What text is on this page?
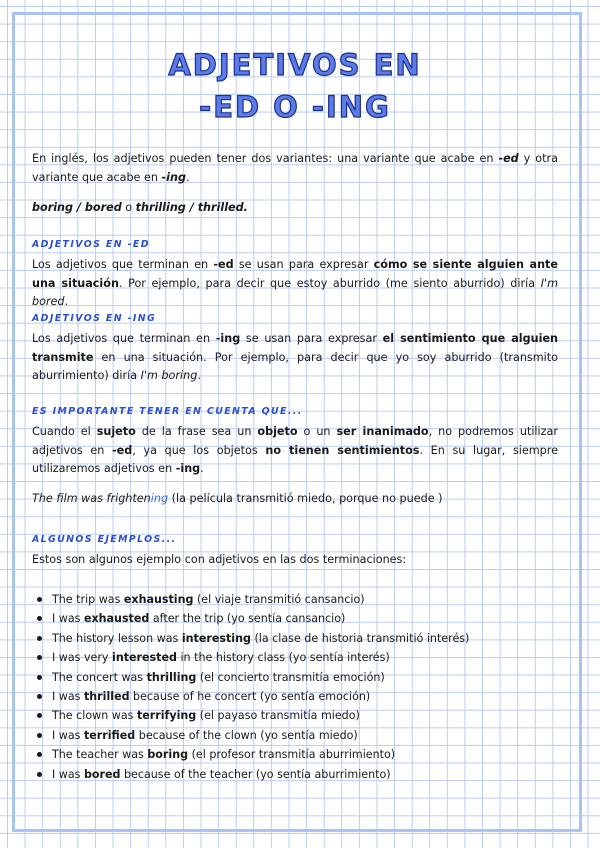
ADJETIVOS EN
-ED O -ING

En inglés, los adjetivos pueden tener dos variantes: una variante que acabe en -ed y otra variante que acabe en -ing.

boring / bored o thrilling / thrilled.

ADJETIVOS EN -ED

Los adjetivos que terminan en -ed se usan para expresar cómo se siente alguien ante una situación. Por ejemplo, para decir que estoy aburrido (me siento aburrido) diría I'm bored.

ADJETIVOS EN -ING

Los adjetivos que terminan en -ing se usan para expresar el sentimiento que alguien transmite en una situación. Por ejemplo, para decir que yo soy aburrido (transmito aburrimiento) diría I'm boring.

ES IMPORTANTE TENER EN CUENTA QUE...

Cuando el sujeto de la frase sea un objeto o un ser inanimado, no podremos utilizar adjetivos en -ed, ya que los objetos no tienen sentimientos. En su lugar, siempre utilizaremos adjetivos en -ing.

The film was frightening (la película transmitió miedo, porque no puede )

ALGUNOS EJEMPLOS...

Estos son algunos ejemplo con adjetivos en las dos terminaciones:

The trip was exhausting (el viaje transmitió cansancio)
I was exhausted after the trip (yo sentía cansancio)
The history lesson was interesting (la clase de historia transmitió interés)
I was very interested in the history class (yo sentía interés)
The concert was thrilling (el concierto transmitía emoción)
I was thrilled because of he concert (yo sentía emoción)
The clown was terrifying (el payaso transmitía miedo)
I was terrified because of the clown (yo sentía miedo)
The teacher was boring (el profesor transmitía aburrimiento)
I was bored because of the teacher (yo sentía aburrimiento)
